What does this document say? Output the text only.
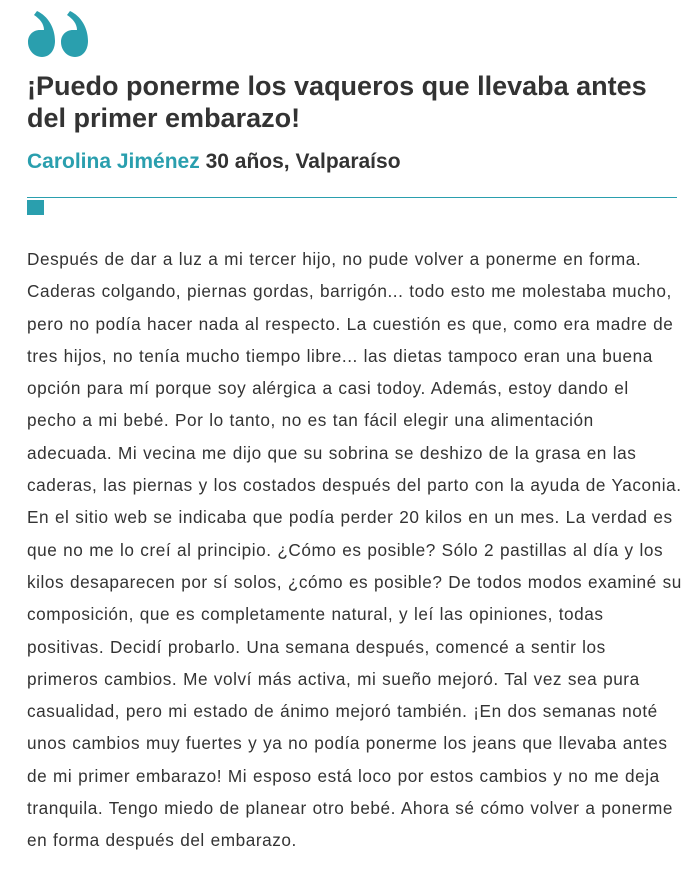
¡Puedo ponerme los vaqueros que llevaba antes del primer embarazo!

Carolina Jiménez 30 años, Valparaíso

Después de dar a luz a mi tercer hijo, no pude volver a ponerme en forma. Caderas colgando, piernas gordas, barrigón... todo esto me molestaba mucho, pero no podía hacer nada al respecto. La cuestión es que, como era madre de tres hijos, no tenía mucho tiempo libre... las dietas tampoco eran una buena opción para mí porque soy alérgica a casi todoy. Además, estoy dando el pecho a mi bebé. Por lo tanto, no es tan fácil elegir una alimentación adecuada. Mi vecina me dijo que su sobrina se deshizo de la grasa en las caderas, las piernas y los costados después del parto con la ayuda de Yaconia. En el sitio web se indicaba que podía perder 20 kilos en un mes. La verdad es que no me lo creí al principio. ¿Cómo es posible? Sólo 2 pastillas al día y los kilos desaparecen por sí solos, ¿cómo es posible? De todos modos examiné su composición, que es completamente natural, y leí las opiniones, todas positivas. Decidí probarlo. Una semana después, comencé a sentir los primeros cambios. Me volví más activa, mi sueño mejoró. Tal vez sea pura casualidad, pero mi estado de ánimo mejoró también. ¡En dos semanas noté unos cambios muy fuertes y ya no podía ponerme los jeans que llevaba antes de mi primer embarazo! Mi esposo está loco por estos cambios y no me deja tranquila. Tengo miedo de planear otro bebé. Ahora sé cómo volver a ponerme en forma después del embarazo.
